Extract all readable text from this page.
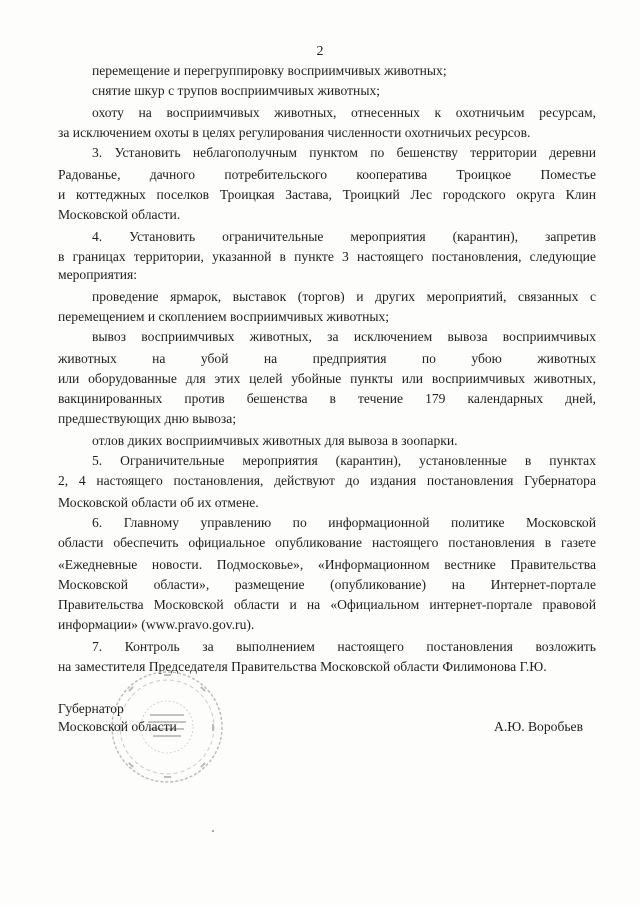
2
перемещение и перегруппировку восприимчивых животных;
снятие шкур с трупов восприимчивых животных;
охоту на восприимчивых животных, отнесенных к охотничьим ресурсам,
за исключением охоты в целях регулирования численности охотничьих ресурсов.
3. Установить неблагополучным пунктом по бешенству территории деревни
Радованье, дачного потребительского кооператива Троицкое Поместье
и коттеджных поселков Троицкая Застава, Троицкий Лес городского округа Клин
Московской области.
4. Установить ограничительные мероприятия (карантин), запретив
в границах территории, указанной в пункте 3 настоящего постановления, следующие
мероприятия:
проведение ярмарок, выставок (торгов) и других мероприятий, связанных с
перемещением и скоплением восприимчивых животных;
вывоз восприимчивых животных, за исключением вывоза восприимчивых
животных на убой на предприятия по убою животных
или оборудованные для этих целей убойные пункты или восприимчивых животных,
вакцинированных против бешенства в течение 179 календарных дней,
предшествующих дню вывоза;
отлов диких восприимчивых животных для вывоза в зоопарки.
5. Ограничительные мероприятия (карантин), установленные в пунктах
2, 4 настоящего постановления, действуют до издания постановления Губернатора
Московской области об их отмене.
6. Главному управлению по информационной политике Московской
области обеспечить официальное опубликование настоящего постановления в газете
«Ежедневные новости. Подмосковье», «Информационном вестнике Правительства
Московской области», размещение (опубликование) на Интернет-портале
Правительства Московской области и на «Официальном интернет-портале правовой
информации» (www.pravo.gov.ru).
7. Контроль за выполнением настоящего постановления возложить
на заместителя Председателя Правительства Московской области Филимонова Г.Ю.
Губернатор
Московской области	А.Ю. Воробьев
